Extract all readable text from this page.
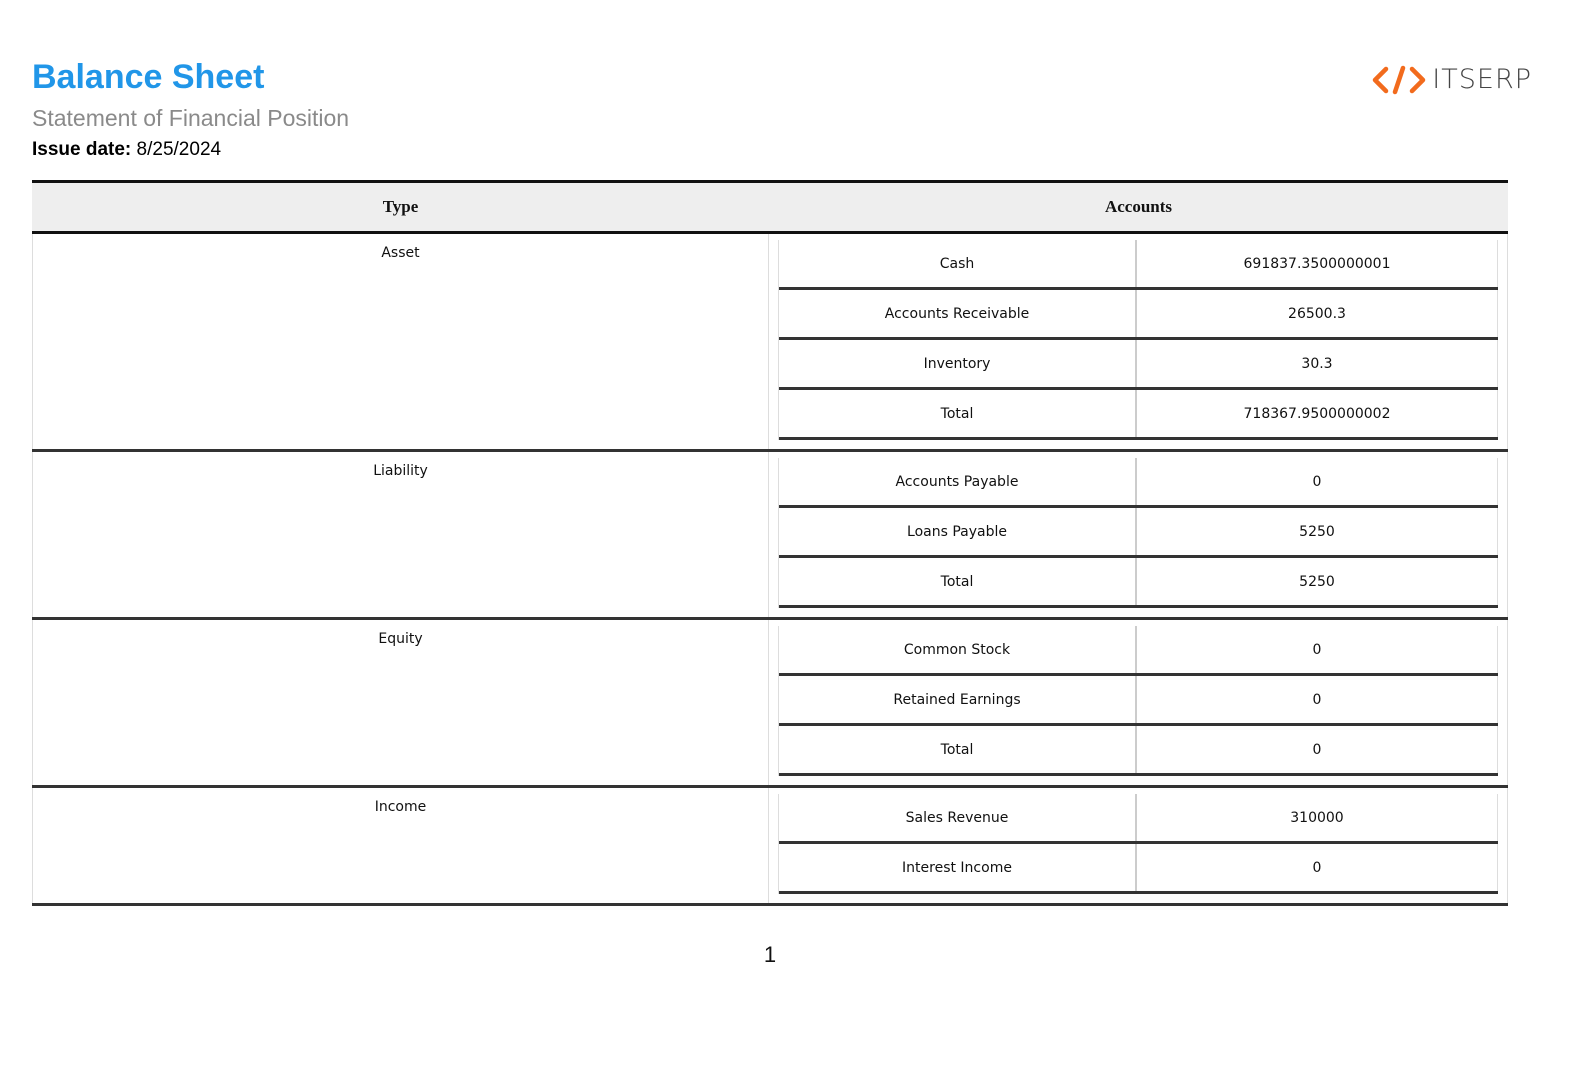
Balance Sheet
Statement of Financial Position
Issue date: 8/25/2024
ITSERP
Type	Accounts
Asset
Cash	691837.3500000001
Accounts Receivable	26500.3
Inventory	30.3
Total	718367.9500000002
Liability
Accounts Payable	0
Loans Payable	5250
Total	5250
Equity
Common Stock	0
Retained Earnings	0
Total	0
Income
Sales Revenue	310000
Interest Income	0
1
